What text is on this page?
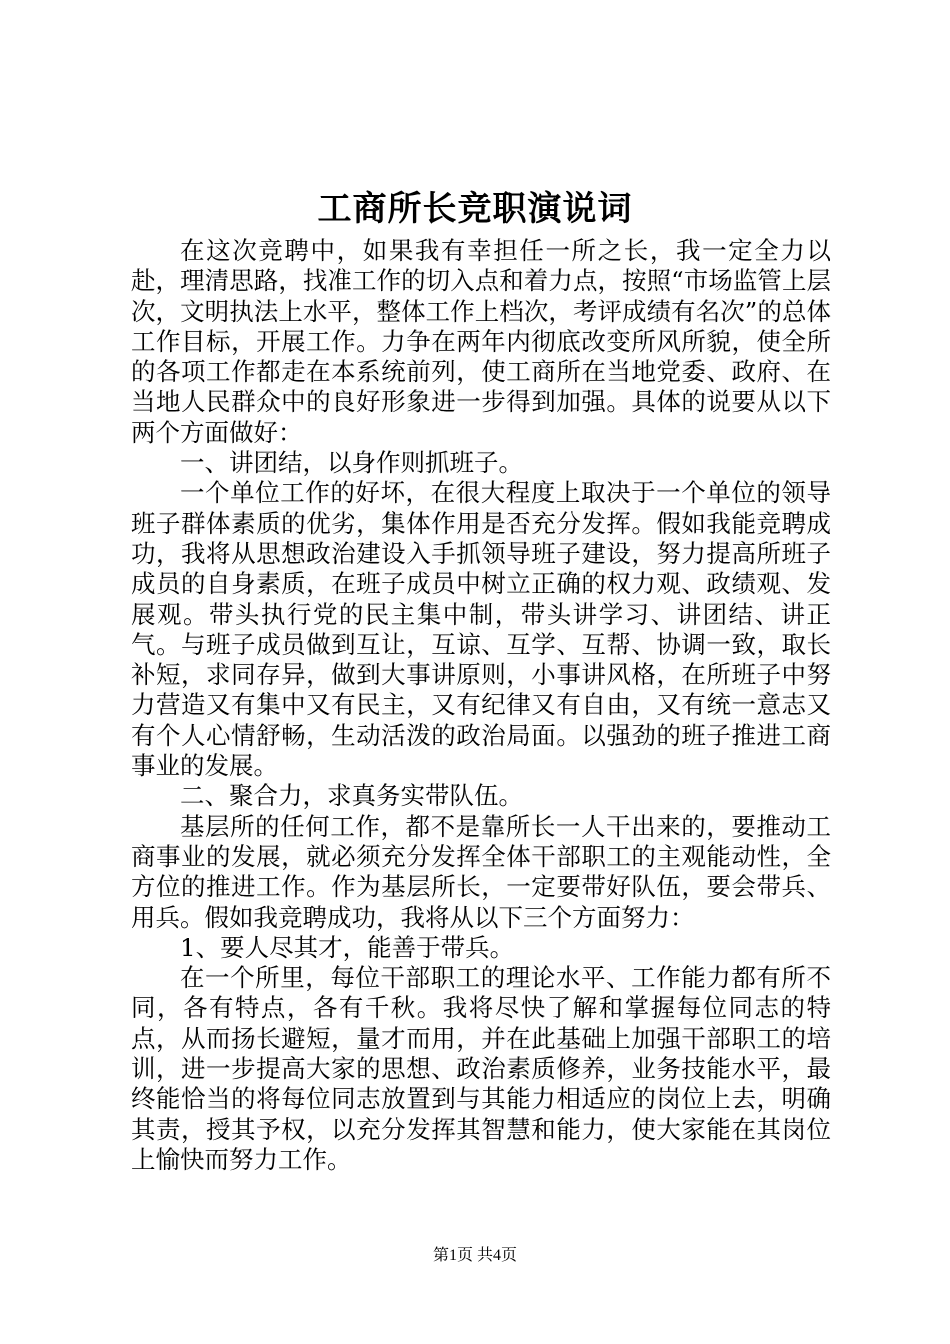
工商所长竞职演说词

在这次竞聘中，如果我有幸担任一所之长，我一定全力以赴，理清思路，找准工作的切入点和着力点，按照“市场监管上层次，文明执法上水平，整体工作上档次，考评成绩有名次”的总体工作目标，开展工作。力争在两年内彻底改变所风所貌，使全所的各项工作都走在本系统前列，使工商所在当地党委、政府、在当地人民群众中的良好形象进一步得到加强。具体的说要从以下两个方面做好：

一、讲团结，以身作则抓班子。

一个单位工作的好坏，在很大程度上取决于一个单位的领导班子群体素质的优劣，集体作用是否充分发挥。假如我能竞聘成功，我将从思想政治建设入手抓领导班子建设，努力提高所班子成员的自身素质，在班子成员中树立正确的权力观、政绩观、发展观。带头执行党的民主集中制，带头讲学习、讲团结、讲正气。与班子成员做到互让，互谅、互学、互帮、协调一致，取长补短，求同存异，做到大事讲原则，小事讲风格，在所班子中努力营造又有集中又有民主，又有纪律又有自由，又有统一意志又有个人心情舒畅，生动活泼的政治局面。以强劲的班子推进工商事业的发展。

二、聚合力，求真务实带队伍。

基层所的任何工作，都不是靠所长一人干出来的，要推动工商事业的发展，就必须充分发挥全体干部职工的主观能动性，全方位的推进工作。作为基层所长，一定要带好队伍，要会带兵、用兵。假如我竞聘成功，我将从以下三个方面努力：

1、要人尽其才，能善于带兵。

在一个所里，每位干部职工的理论水平、工作能力都有所不同，各有特点，各有千秋。我将尽快了解和掌握每位同志的特点，从而扬长避短，量才而用，并在此基础上加强干部职工的培训，进一步提高大家的思想、政治素质修养，业务技能水平，最终能恰当的将每位同志放置到与其能力相适应的岗位上去，明确其责，授其予权，以充分发挥其智慧和能力，使大家能在其岗位上愉快而努力工作。

第1页 共4页
